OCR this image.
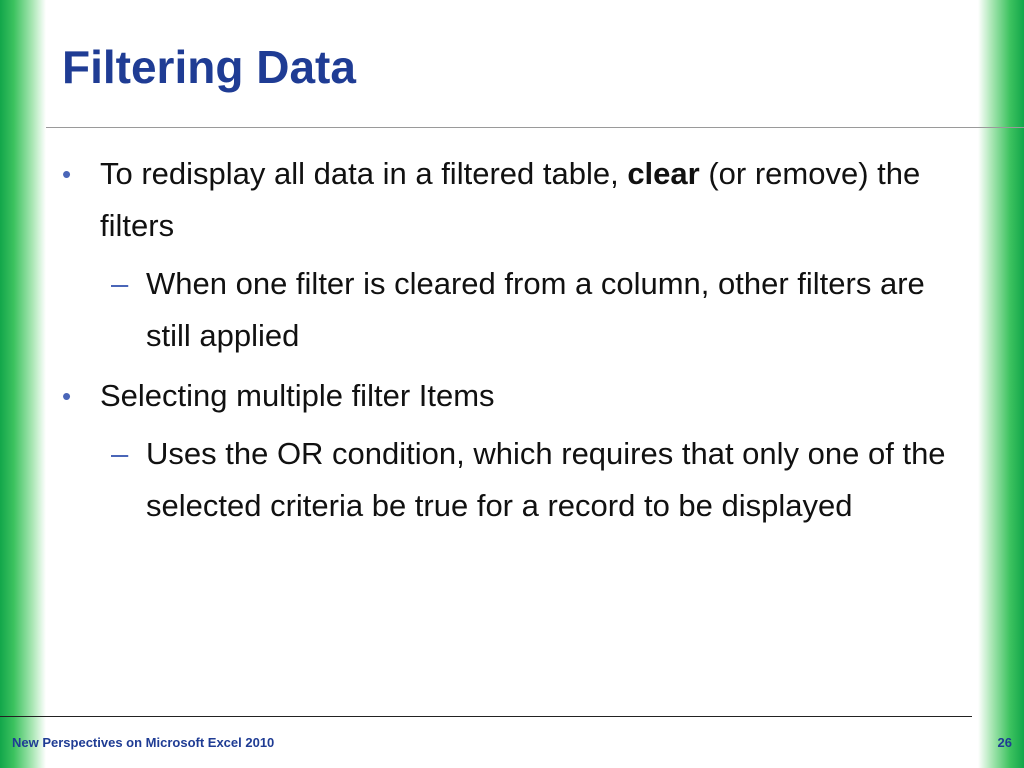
Filtering Data
• To redisplay all data in a filtered table, clear (or remove) the filters
– When one filter is cleared from a column, other filters are still applied
• Selecting multiple filter Items
– Uses the OR condition, which requires that only one of the selected criteria be true for a record to be displayed
New Perspectives on Microsoft Excel 2010	26
